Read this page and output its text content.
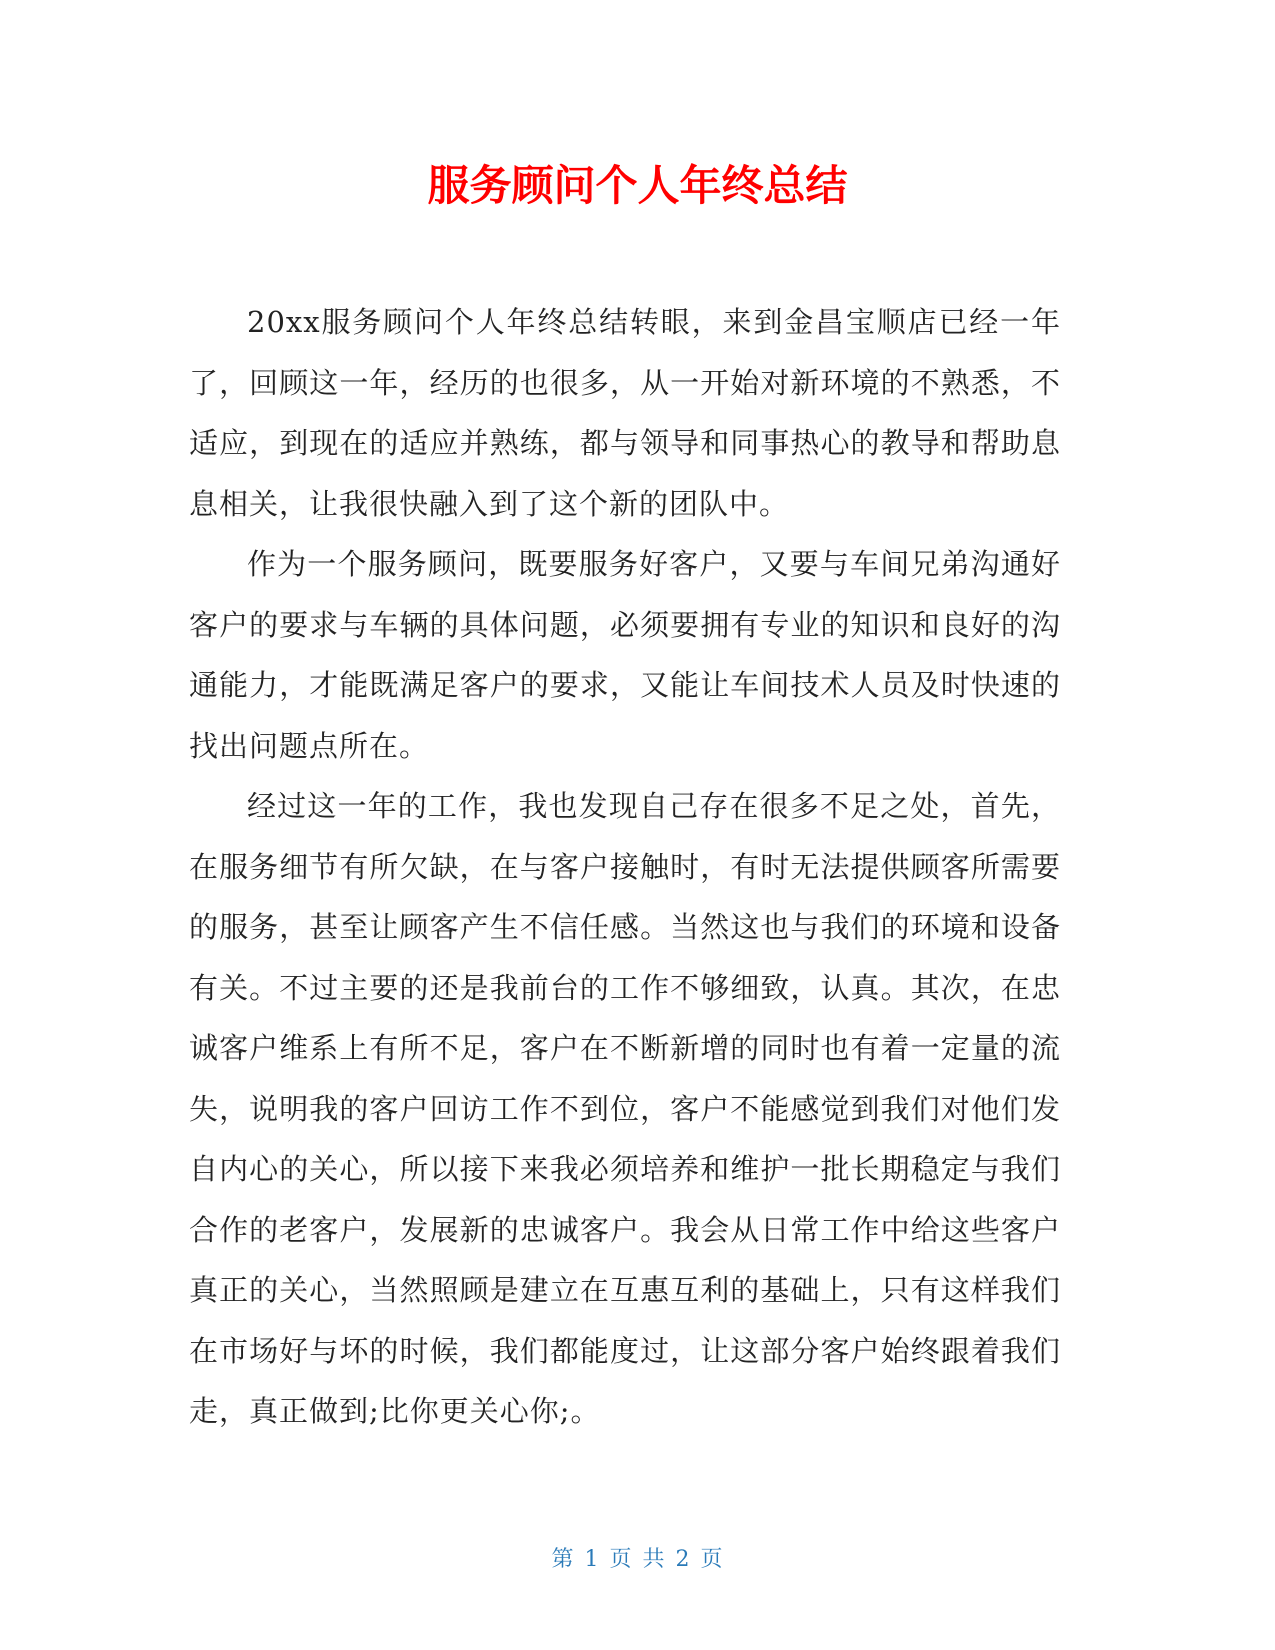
服务顾问个人年终总结

20xx服务顾问个人年终总结转眼，来到金昌宝顺店已经一年了，回顾这一年，经历的也很多，从一开始对新环境的不熟悉，不适应，到现在的适应并熟练，都与领导和同事热心的教导和帮助息息相关，让我很快融入到了这个新的团队中。

作为一个服务顾问，既要服务好客户，又要与车间兄弟沟通好客户的要求与车辆的具体问题，必须要拥有专业的知识和良好的沟通能力，才能既满足客户的要求，又能让车间技术人员及时快速的找出问题点所在。

经过这一年的工作，我也发现自己存在很多不足之处，首先，在服务细节有所欠缺，在与客户接触时，有时无法提供顾客所需要的服务，甚至让顾客产生不信任感。当然这也与我们的环境和设备有关。不过主要的还是我前台的工作不够细致，认真。其次，在忠诚客户维系上有所不足，客户在不断新增的同时也有着一定量的流失，说明我的客户回访工作不到位，客户不能感觉到我们对他们发自内心的关心，所以接下来我必须培养和维护一批长期稳定与我们合作的老客户，发展新的忠诚客户。我会从日常工作中给这些客户真正的关心，当然照顾是建立在互惠互利的基础上，只有这样我们在市场好与坏的时候，我们都能度过，让这部分客户始终跟着我们走，真正做到;比你更关心你;。

第 1 页 共 2 页
